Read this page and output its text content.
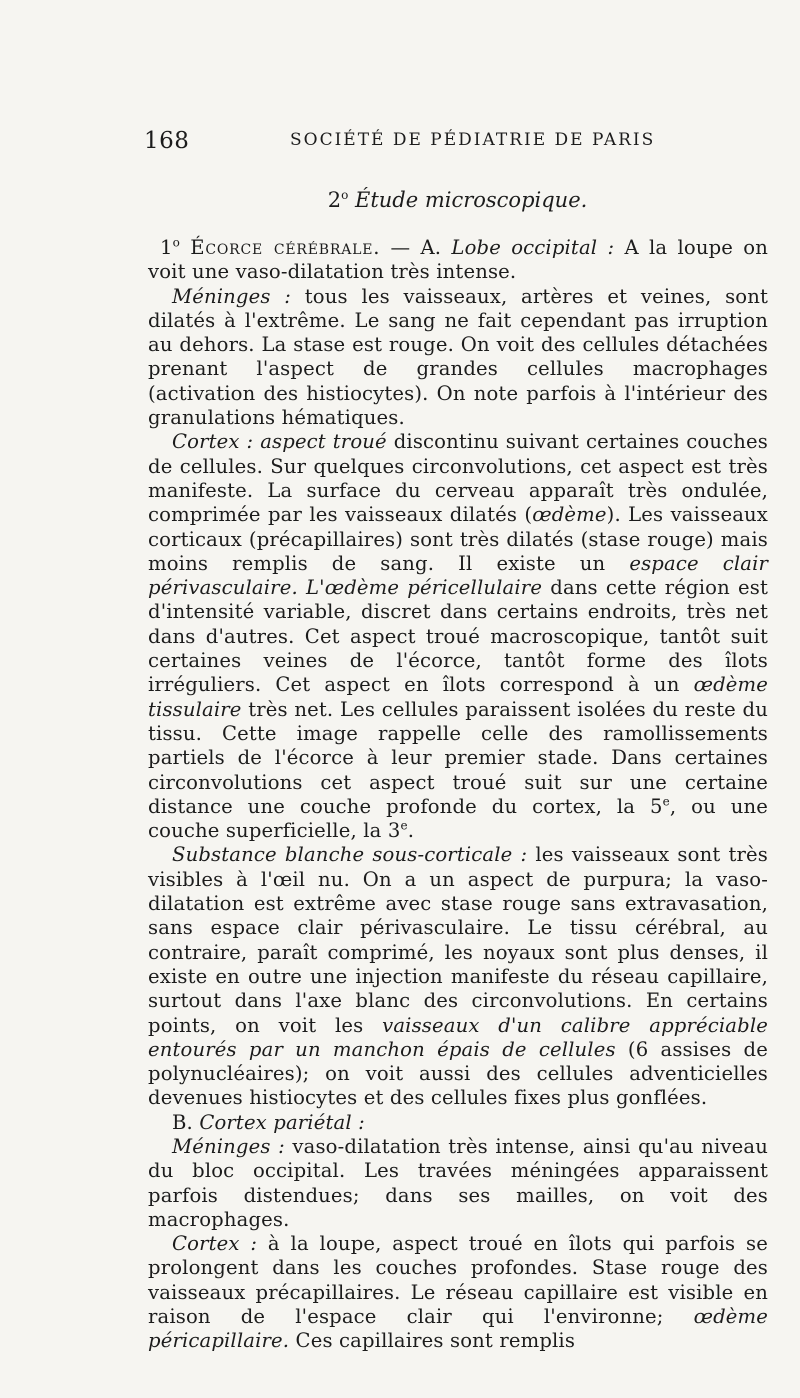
168	SOCIÉTÉ DE PÉDIATRIE DE PARIS
2$^o$ Étude microscopique.

1$^o$ Écorce cérébrale. — A. Lobe occipital : A la loupe on voit une vaso-dilatation très intense.

Méninges : tous les vaisseaux, artères et veines, sont dilatés à l'extrême. Le sang ne fait cependant pas irruption au dehors. La stase est rouge. On voit des cellules détachées prenant l'aspect de grandes cellules macrophages (activation des histiocytes). On note parfois à l'intérieur des granulations hématiques.

Cortex : aspect troué discontinu suivant certaines couches de cellules. Sur quelques circonvolutions, cet aspect est très manifeste. La surface du cerveau apparaît très ondulée, comprimée par les vaisseaux dilatés (œdème). Les vaisseaux corticaux (précapillaires) sont très dilatés (stase rouge) mais moins remplis de sang. Il existe un espace clair périvasculaire. L'œdème péricellulaire dans cette région est d'intensité variable, discret dans certains endroits, très net dans d'autres. Cet aspect troué macroscopique, tantôt suit certaines veines de l'écorce, tantôt forme des îlots irréguliers. Cet aspect en îlots correspond à un œdème tissulaire très net. Les cellules paraissent isolées du reste du tissu. Cette image rappelle celle des ramollissements partiels de l'écorce à leur premier stade. Dans certaines circonvolutions cet aspect troué suit sur une certaine distance une couche profonde du cortex, la 5e, ou une couche superficielle, la 3e.

Substance blanche sous-corticale : les vaisseaux sont très visibles à l'œil nu. On a un aspect de purpura; la vaso-dilatation est extrême avec stase rouge sans extravasation, sans espace clair périvasculaire. Le tissu cérébral, au contraire, paraît comprimé, les noyaux sont plus denses, il existe en outre une injection manifeste du réseau capillaire, surtout dans l'axe blanc des circonvolutions. En certains points, on voit les vaisseaux d'un calibre appréciable entourés par un manchon épais de cellules (6 assises de polynucléaires); on voit aussi des cellules adventicielles devenues histiocytes et des cellules fixes plus gonflées.

B. Cortex pariétal :

Méninges : vaso-dilatation très intense, ainsi qu'au niveau du bloc occipital. Les travées méningées apparaissent parfois distendues; dans ses mailles, on voit des macrophages.

Cortex : à la loupe, aspect troué en îlots qui parfois se prolongent dans les couches profondes. Stase rouge des vaisseaux précapillaires. Le réseau capillaire est visible en raison de l'espace clair qui l'environne; œdème péricapillaire. Ces capillaires sont remplis
